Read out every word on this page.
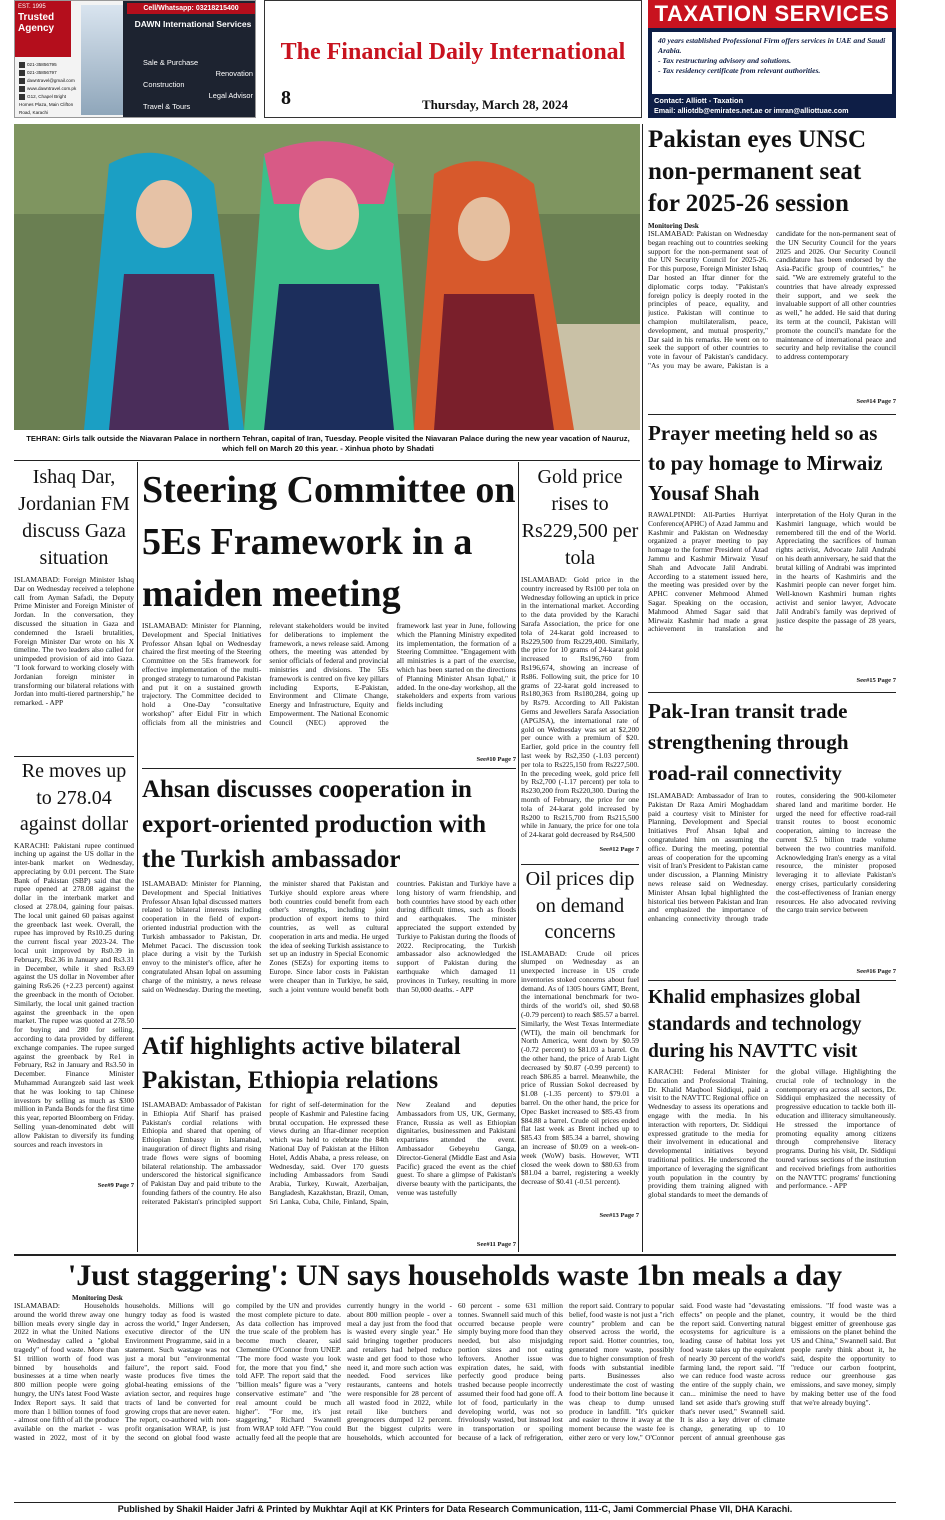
EST. 1995
Trusted Agency
021-35856795
021-35856797
dawntravel@gmail.com
www.dawntravel.com.pk
G12, Chapel Bright Homes Plaza, Main Clifton Road, Karachi
Cell/Whatsapp: 03218215400
DAWN International Services
Sale & Purchase
Renovation
Construction
Legal Advisor
Travel & Tours
The Financial Daily International
8	Thursday, March 28, 2024
TAXATION SERVICES
40 years established Professional Firm offers services in UAE and Saudi Arabia.
- Tax restructuring advisory and solutions.
- Tax residency certificate from relevant authorities.
Contact: Alliott - Taxation
Email: alliotdb@emirates.net.ae or imran@alliottuae.com
TEHRAN: Girls talk outside the Niavaran Palace in northern Tehran, capital of Iran, Tuesday. People visited the Niavaran Palace during the new year vacation of Nauruz, which fell on March 20 this year. - Xinhua photo by Shadati
Pakistan eyes UNSC non-permanent seat for 2025-26 session
Monitoring Desk
ISLAMABAD: Pakistan on Wednesday began reaching out to countries seeking support for the non-permanent seat of the UN Security Council for 2025-26. For this purpose, Foreign Minister Ishaq Dar hosted an Iftar dinner for the diplomatic corps today. "Pakistan's foreign policy is deeply rooted in the principles of peace, equality, and justice. Pakistan will continue to champion multilateralism, peace, development, and mutual prosperity," Dar said in his remarks. He went on to seek the support of other countries to vote in favour of Pakistan's candidacy. "As you may be aware, Pakistan is a candidate for the non-permanent seat of the UN Security Council for the years 2025 and 2026. Our Security Council candidature has been endorsed by the Asia-Pacific group of countries," he said. "We are extremely grateful to the countries that have already expressed their support, and we seek the invaluable support of all other countries as well," he added. He said that during its term at the council, Pakistan will promote the council's mandate for the maintenance of international peace and security and help revitalise the council to address contemporary
See#14 Page 7
Prayer meeting held so as to pay homage to Mirwaiz Yousaf Shah
RAWALPINDI: All-Parties Hurriyat Conference(APHC) of Azad Jammu and Kashmir and Pakistan on Wednesday organized a prayer meeting to pay homage to the former President of Azad Jammu and Kashmir Mirwaiz Yusuf Shah and Advocate Jalil Andrabi. According to a statement issued here, the meeting was presided over by the APHC convener Mehmood Ahmed Sagar. Speaking on the occasion, Mahmood Ahmed Sagar said that Mirwaiz Kashmir had made a great achievement in translation and interpretation of the Holy Quran in the Kashmiri language, which would be remembered till the end of the World. Appreciating the sacrifices of human rights activist, Advocate Jalil Andrabi on his death anniversary, he said that the brutal killing of Andrabi was imprinted in the hearts of Kashmiris and the Kashmiri people can never forget him. Well-known Kashmiri human rights activist and senior lawyer, Advocate Jalil Andrabi's family was deprived of justice despite the passage of 28 years, he
See#15 Page 7
Pak-Iran transit trade strengthening through road-rail connectivity
ISLAMABAD: Ambassador of Iran to Pakistan Dr Raza Amiri Moghaddam paid a courtesy visit to Minister for Planning, Development and Special Initiatives Prof Ahsan Iqbal and congratulated him on assuming the office. During the meeting, potential areas of cooperation for the upcoming visit of Iran's President to Pakistan came under discussion, a Planning Ministry news release said on Wednesday. Minister Ahsan Iqbal highlighted the historical ties between Pakistan and Iran and emphasized the importance of enhancing connectivity through trade routes, considering the 900-kilometer shared land and maritime border. He urged the need for effective road-rail transit routes to boost economic cooperation, aiming to increase the current $2.5 billion trade volume between the two countries manifold. Acknowledging Iran's energy as a vital resource, the minister proposed leveraging it to alleviate Pakistan's energy crises, particularly considering the cost-effectiveness of Iranian energy resources. He also advocated reviving the cargo train service between
See#16 Page 7
Khalid emphasizes global standards and technology during his NAVTTC visit
KARACHI: Federal Minister for Education and Professional Training, Dr. Khalid Maqbool Siddiqui, paid a visit to the NAVTTC Regional office on Wednesday to assess its operations and engage with the media. In his interaction with reporters, Dr. Siddiqui expressed gratitude to the media for their involvement in educational and developmental initiatives beyond traditional politics. He underscored the importance of leveraging the significant youth population in the country by providing them training aligned with global standards to meet the demands of the global village. Highlighting the crucial role of technology in the contemporary era across all sectors, Dr. Siddiqui emphasized the necessity of progressive education to tackle both ill-education and illiteracy simultaneously. He stressed the importance of promoting equality among citizens through comprehensive literacy programs. During his visit, Dr. Siddiqui toured various sections of the institution and received briefings from authorities on the NAVTTC programs' functioning and performance. - APP
Ishaq Dar, Jordanian FM discuss Gaza situation
ISLAMABAD: Foreign Minister Ishaq Dar on Wednesday received a telephone call from Ayman Safadi, the Deputy Prime Minister and Foreign Minister of Jordan. In the conversation, they discussed the situation in Gaza and condemned the Israeli brutalities, Foreign Minister Dar wrote on his X timeline. The two leaders also called for unimpeded provision of aid into Gaza. "I look forward to working closely with Jordanian foreign minister in transforming our bilateral relations with Jordan into multi-tiered partnership," he remarked. - APP
Re moves up to 278.04 against dollar
KARACHI: Pakistani rupee continued inching up against the US dollar in the inter-bank market on Wednesday, appreciating by 0.01 percent. The State Bank of Pakistan (SBP) said that the rupee opened at 278.08 against the dollar in the interbank market and closed at 278.04, gaining four paisas. The local unit gained 60 paisas against the greenback last week. Overall, the rupee has improved by Rs10.25 during the current fiscal year 2023-24. The local unit improved by Rs0.39 in February, Rs2.36 in January and Rs3.31 in December, while it shed Rs3.69 against the US dollar in November after gaining Rs6.26 (+2.23 percent) against the greenback in the month of October. Similarly, the local unit gained traction against the greenback in the open market. The rupee was quoted at 278.50 for buying and 280 for selling, according to data provided by different exchange companies. The rupee surged against the greenback by Re1 in February, Rs2 in January and Rs3.50 in December. Finance Minister Muhammad Aurangzeb said last week that he was looking to tap Chinese investors by selling as much as $300 million in Panda Bonds for the first time this year, reported Bloomberg on Friday. Selling yuan-denominated debt will allow Pakistan to diversify its funding sources and reach investors in
See#9 Page 7
Steering Committee on 5Es Framework in a maiden meeting
ISLAMABAD: Minister for Planning, Development and Special Initiatives Professor Ahsan Iqbal on Wednesday chaired the first meeting of the Steering Committee on the 5Es framework for effective implementation of the multi-pronged strategy to turnaround Pakistan and put it on a sustained growth trajectory. The Committee decided to hold a One-Day "consultative workshop" after Eidul Fitr in which officials from all the ministries and relevant stakeholders would be invited for deliberations to implement the framework, a news release said. Among others, the meeting was attended by senior officials of federal and provincial ministries and divisions. The 5Es framework is centred on five key pillars including Exports, E-Pakistan, Environment and Climate Change, Energy and Infrastructure, Equity and Empowerment. The National Economic Council (NEC) approved the framework last year in June, following which the Planning Ministry expedited its implementation, the formation of a Steering Committee. "Engagement with all ministries is a part of the exercise, which has been started on the directions of Planning Minister Ahsan Iqbal," it added. In the one-day workshop, all the stakeholders and experts from various fields including
See#10 Page 7
Gold price rises to Rs229,500 per tola
ISLAMABAD: Gold price in the country increased by Rs100 per tola on Wednesday following an uptick in price in the international market. According to the data provided by the Karachi Sarafa Association, the price for one tola of 24-karat gold increased to Rs229,500 from Rs229,400. Similarly, the price for 10 grams of 24-karat gold increased to Rs196,760 from Rs196,674, showing an increase of Rs86. Following suit, the price for 10 grams of 22-karat gold increased to Rs180,363 from Rs180,284, going up by Rs79. According to All Pakistan Gems and Jewellers Sarafa Association (APGJSA), the international rate of gold on Wednesday was set at $2,200 per ounce with a premium of $20. Earlier, gold price in the country fell last week by Rs2,350 (-1.03 percent) per tola to Rs225,150 from Rs227,500. In the preceding week, gold price fell by Rs2,700 (-1.17 percent) per tola to Rs230,200 from Rs220,300. During the month of February, the price for one tola of 24-karat gold increased by Rs200 to Rs215,700 from Rs215,500 while in January, the price for one tola of 24-karat gold decreased by Rs4,500
See#12 Page 7
Ahsan discusses cooperation in export-oriented production with the Turkish ambassador
ISLAMABAD: Minister for Planning, Development and Special Initiatives Professor Ahsan Iqbal discussed matters related to bilateral interests including cooperation in the field of export-oriented industrial production with the Turkish ambassador to Pakistan, Dr. Mehmet Pacaci. The discussion took place during a visit by the Turkish envoy to the minister's office, after he congratulated Ahsan Iqbal on assuming charge of the ministry, a news release said on Wednesday. During the meeting, the minister shared that Pakistan and Turkiye should explore areas where both countries could benefit from each other's strengths, including joint production of export items to third countries, as well as cultural cooperation in arts and media. He urged the idea of seeking Turkish assistance to set up an industry in Special Economic Zones (SEZs) for exporting items to Europe. Since labor costs in Pakistan were cheaper than in Turkiye, he said, such a joint venture would benefit both countries. Pakistan and Turkiye have a long history of warm friendship, and both countries have stood by each other during difficult times, such as floods and earthquakes. The minister appreciated the support extended by Turkiye to Pakistan during the floods of 2022. Reciprocating, the Turkish ambassador also acknowledged the support of Pakistan during the earthquake which damaged 11 provinces in Turkey, resulting in more than 50,000 deaths. - APP
Oil prices dip on demand concerns
ISLAMABAD: Crude oil prices slumped on Wednesday as an unexpected increase in US crude inventories stoked concerns about fuel demand. As of 1305 hours GMT, Brent, the international benchmark for two-thirds of the world's oil, shed $0.68 (-0.79 percent) to reach $85.57 a barrel. Similarly, the West Texas Intermediate (WTI), the main oil benchmark for North America, went down by $0.59 (-0.72 percent) to $81.03 a barrel. On the other hand, the price of Arab Light decreased by $0.87 (-0.99 percent) to reach $86.85 a barrel. Meanwhile, the price of Russian Sokol decreased by $1.08 (-1.35 percent) to $79.01 a barrel. On the other hand, the price for Opec Basket increased to $85.43 from $84.88 a barrel. Crude oil prices ended flat last week as Brent inched up to $85.43 from $85.34 a barrel, showing an increase of $0.09 on a week-on-week (WoW) basis. However, WTI closed the week down to $80.63 from $81.04 a barrel, registering a weekly decrease of $0.41 (-0.51 percent).
See#13 Page 7
Atif highlights active bilateral Pakistan, Ethiopia relations
ISLAMABAD: Ambassador of Pakistan in Ethiopia Atif Sharif has praised Pakistan's cordial relations with Ethiopia and shared that opening of Ethiopian Embassy in Islamabad, inauguration of direct flights and rising trade flows were signs of booming bilateral relationship. The ambassador underscored the historical significance of Pakistan Day and paid tribute to the founding fathers of the country. He also reiterated Pakistan's principled support for right of self-determination for the people of Kashmir and Palestine facing brutal occupation. He expressed these views during an Iftar-dinner reception which was held to celebrate the 84th National Day of Pakistan at the Hilton Hotel, Addis Ababa, a press release, on Wednesday, said. Over 170 guests including Ambassadors from Saudi Arabia, Turkey, Kuwait, Azerbaijan, Bangladesh, Kazakhstan, Brazil, Oman, Sri Lanka, Cuba, Chile, Finland, Spain, New Zealand and deputies Ambassadors from US, UK, Germany, France, Russia as well as Ethiopian dignitaries, businessmen and Pakistani expatriates attended the event. Ambassador Gebeyehu Ganga, Director-General (Middle East and Asia Pacific) graced the event as the chief guest. To share a glimpse of Pakistan's diverse beauty with the participants, the venue was tastefully
See#11 Page 7
'Just staggering': UN says households waste 1bn meals a day
Monitoring Desk
ISLAMABAD: Households around the world threw away one billion meals every single day in 2022 in what the United Nations on Wednesday called a "global tragedy" of food waste. More than $1 trillion worth of food was binned by households and businesses at a time when nearly 800 million people were going hungry, the UN's latest Food Waste Index Report says. It said that more than 1 billion tonnes of food - almost one fifth of all the produce available on the market - was wasted in 2022, most of it by households. Millions will go hungry today as food is wasted across the world," Inger Andersen, executive director of the UN Environment Programme, said in a statement. Such wastage was not just a moral but "environmental failure", the report said. Food waste produces five times the global-heating emissions of the aviation sector, and requires huge tracts of land be converted for growing crops that are never eaten. The report, co-authored with non-profit organisation WRAP, is just the second on global food waste compiled by the UN and provides the most complete picture to date. As data collection has improved the true scale of the problem has become much clearer, said Clementine O'Connor from UNEP. "The more food waste you look for, the more that you find," she told AFP. The report said that the "billion meals" figure was a "very conservative estimate" and "the real amount could be much higher". "For me, it's just staggering," Richard Swannell from WRAP told AFP. "You could actually feed all the people that are currently hungry in the world - about 800 million people - over a meal a day just from the food that is wasted every single year." He said bringing together producers and retailers had helped reduce waste and get food to those who need it, and more such action was needed. Food services like restaurants, canteens and hotels were responsible for 28 percent of all wasted food in 2022, while retail like butchers and greengrocers dumped 12 percent. But the biggest culprits were households, which accounted for 60 percent - some 631 million tonnes. Swannell said much of this occurred because people were simply buying more food than they needed, but also misjudging portion sizes and not eating leftovers. Another issue was expiration dates, he said, with perfectly good produce being trashed because people incorrectly assumed their food had gone off. A lot of food, particularly in the developing world, was not so frivolously wasted, but instead lost in transportation or spoiling because of a lack of refrigeration, the report said. Contrary to popular belief, food waste is not just a "rich country" problem and can be observed across the world, the report said. Hotter countries, too, generated more waste, possibly due to higher consumption of fresh foods with substantial inedible parts. Businesses also underestimate the cost of wasting food to their bottom line because it was cheap to dump unused produce in landfill. "It's quicker and easier to throw it away at the moment because the waste fee is either zero or very low," O'Connor said. Food waste had "devastating effects" on people and the planet, the report said. Converting natural ecosystems for agriculture is a leading cause of habitat loss yet food waste takes up the equivalent of nearly 30 percent of the world's farming land, the report said. "If we can reduce food waste across the entire of the supply chain, we can... minimise the need to have land set aside that's growing stuff that's never used," Swannell said. It is also a key driver of climate change, generating up to 10 percent of annual greenhouse gas emissions. "If food waste was a country, it would be the third biggest emitter of greenhouse gas emissions on the planet behind the US and China," Swannell said. But people rarely think about it, he said, despite the opportunity to "reduce our carbon footprint, reduce our greenhouse gas emissions, and save money, simply by making better use of the food that we're already buying".
Published by Shakil Haider Jafri & Printed by Mukhtar Aqil at KK Printers for Data Research Communication, 111-C, Jami Commercial Phase VII, DHA Karachi.
